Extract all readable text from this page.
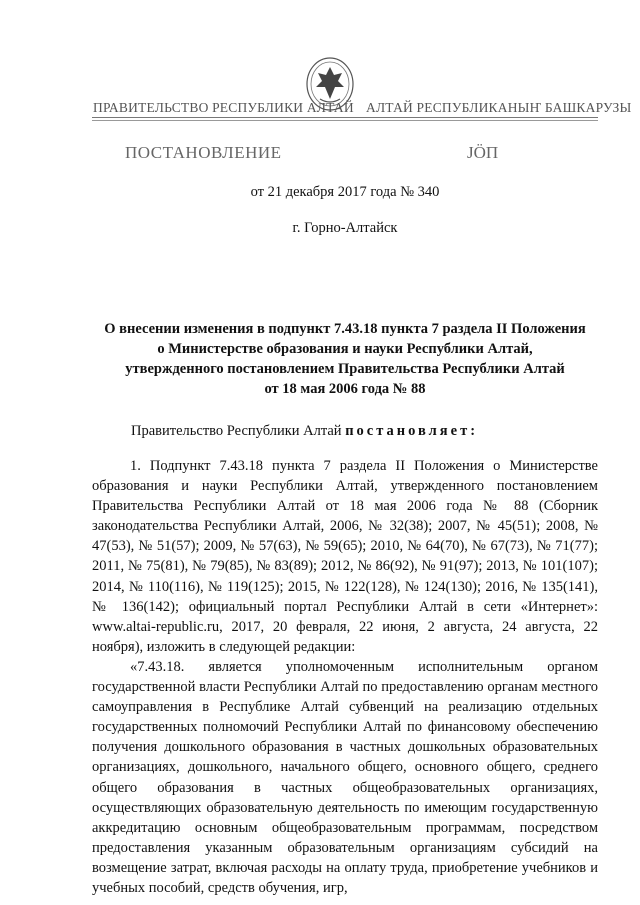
ПРАВИТЕЛЬСТВО РЕСПУБЛИКИ АЛТАЙ АЛТАЙ РЕСПУБЛИКАНЫҤ БАШКАРУЗЫ
ПОСТАНОВЛЕНИЕ	ЈӦП
от 21 декабря 2017 года № 340
г. Горно-Алтайск
О внесении изменения в подпункт 7.43.18 пункта 7 раздела II Положения
о Министерстве образования и науки Республики Алтай,
утвержденного постановлением Правительства Республики Алтай
от 18 мая 2006 года № 88
Правительство Республики Алтай постановляет:

1. Подпункт 7.43.18 пункта 7 раздела II Положения о Министерстве образования и науки Республики Алтай, утвержденного постановлением Правительства Республики Алтай от 18 мая 2006 года № 88 (Сборник законодательства Республики Алтай, 2006, № 32(38); 2007, № 45(51); 2008, № 47(53), № 51(57); 2009, № 57(63), № 59(65); 2010, № 64(70), № 67(73), № 71(77); 2011, № 75(81), № 79(85), № 83(89); 2012, № 86(92), № 91(97); 2013, № 101(107); 2014, № 110(116), № 119(125); 2015, № 122(128), № 124(130); 2016, № 135(141), № 136(142); официальный портал Республики Алтай в сети «Интернет»: www.altai-republic.ru, 2017, 20 февраля, 22 июня, 2 августа, 24 августа, 22 ноября), изложить в следующей редакции:

«7.43.18. является уполномоченным исполнительным органом государственной власти Республики Алтай по предоставлению органам местного самоуправления в Республике Алтай субвенций на реализацию отдельных государственных полномочий Республики Алтай по финансовому обеспечению получения дошкольного образования в частных дошкольных образовательных организациях, дошкольного, начального общего, основного общего, среднего общего образования в частных общеобразовательных организациях, осуществляющих образовательную деятельность по имеющим государственную аккредитацию основным общеобразовательным программам, посредством предоставления указанным образовательным организациям субсидий на возмещение затрат, включая расходы на оплату труда, приобретение учебников и учебных пособий, средств обучения, игр,
